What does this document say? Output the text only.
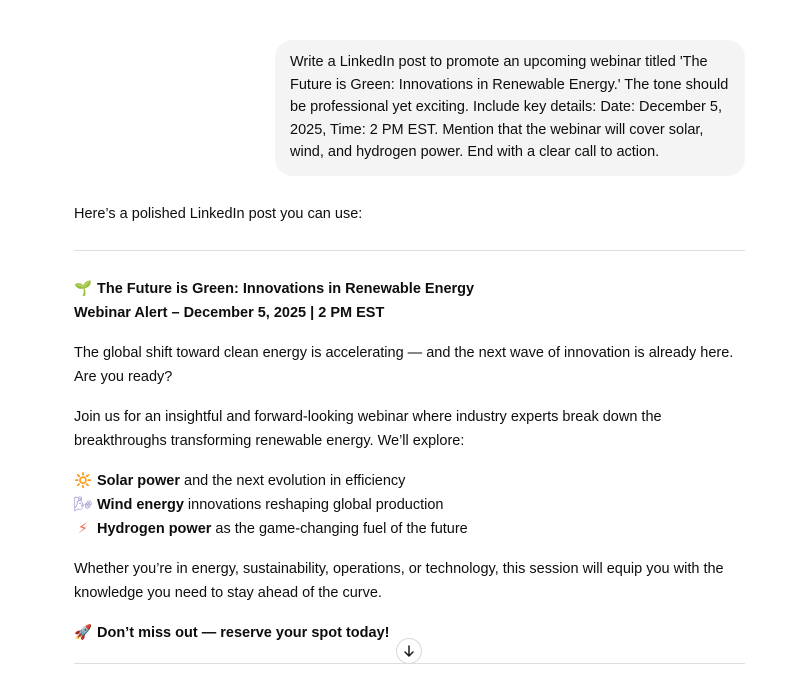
Write a LinkedIn post to promote an upcoming webinar titled 'The Future is Green: Innovations in Renewable Energy.' The tone should be professional yet exciting. Include key details: Date: December 5, 2025, Time: 2 PM EST. Mention that the webinar will cover solar, wind, and hydrogen power. End with a clear call to action.

Here’s a polished LinkedIn post you can use:

🌱 The Future is Green: Innovations in Renewable Energy

Webinar Alert – December 5, 2025 | 2 PM EST

The global shift toward clean energy is accelerating — and the next wave of innovation is already here. Are you ready?

Join us for an insightful and forward-looking webinar where industry experts break down the breakthroughs transforming renewable energy. We’ll explore:

🔆 Solar power and the next evolution in efficiency

🌬 Wind energy innovations reshaping global production

⚡ Hydrogen power as the game-changing fuel of the future

Whether you’re in energy, sustainability, operations, or technology, this session will equip you with the knowledge you need to stay ahead of the curve.

🚀 Don’t miss out — reserve your spot today!
